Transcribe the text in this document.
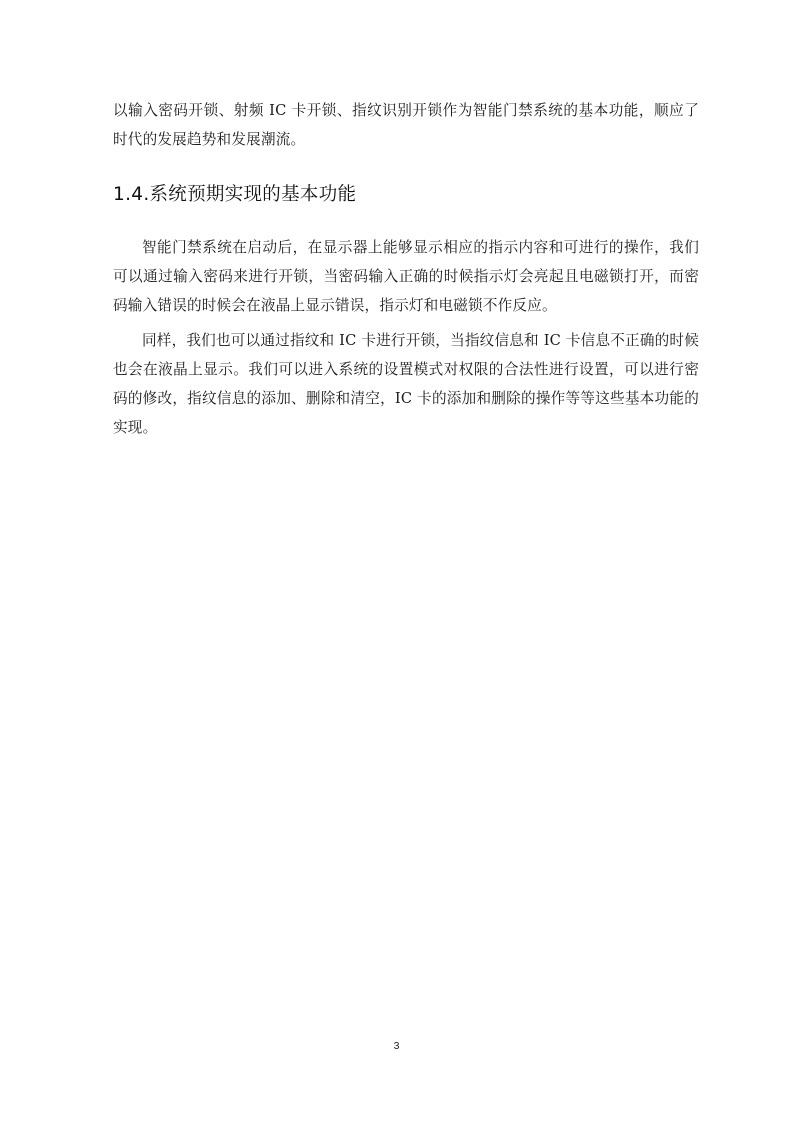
以输入密码开锁、射频 IC 卡开锁、指纹识别开锁作为智能门禁系统的基本功能，顺应了时代的发展趋势和发展潮流。

1.4.系统预期实现的基本功能

智能门禁系统在启动后，在显示器上能够显示相应的指示内容和可进行的操作，我们可以通过输入密码来进行开锁，当密码输入正确的时候指示灯会亮起且电磁锁打开，而密码输入错误的时候会在液晶上显示错误，指示灯和电磁锁不作反应。

同样，我们也可以通过指纹和 IC 卡进行开锁，当指纹信息和 IC 卡信息不正确的时候也会在液晶上显示。我们可以进入系统的设置模式对权限的合法性进行设置，可以进行密码的修改，指纹信息的添加、删除和清空，IC 卡的添加和删除的操作等等这些基本功能的实现。

3
